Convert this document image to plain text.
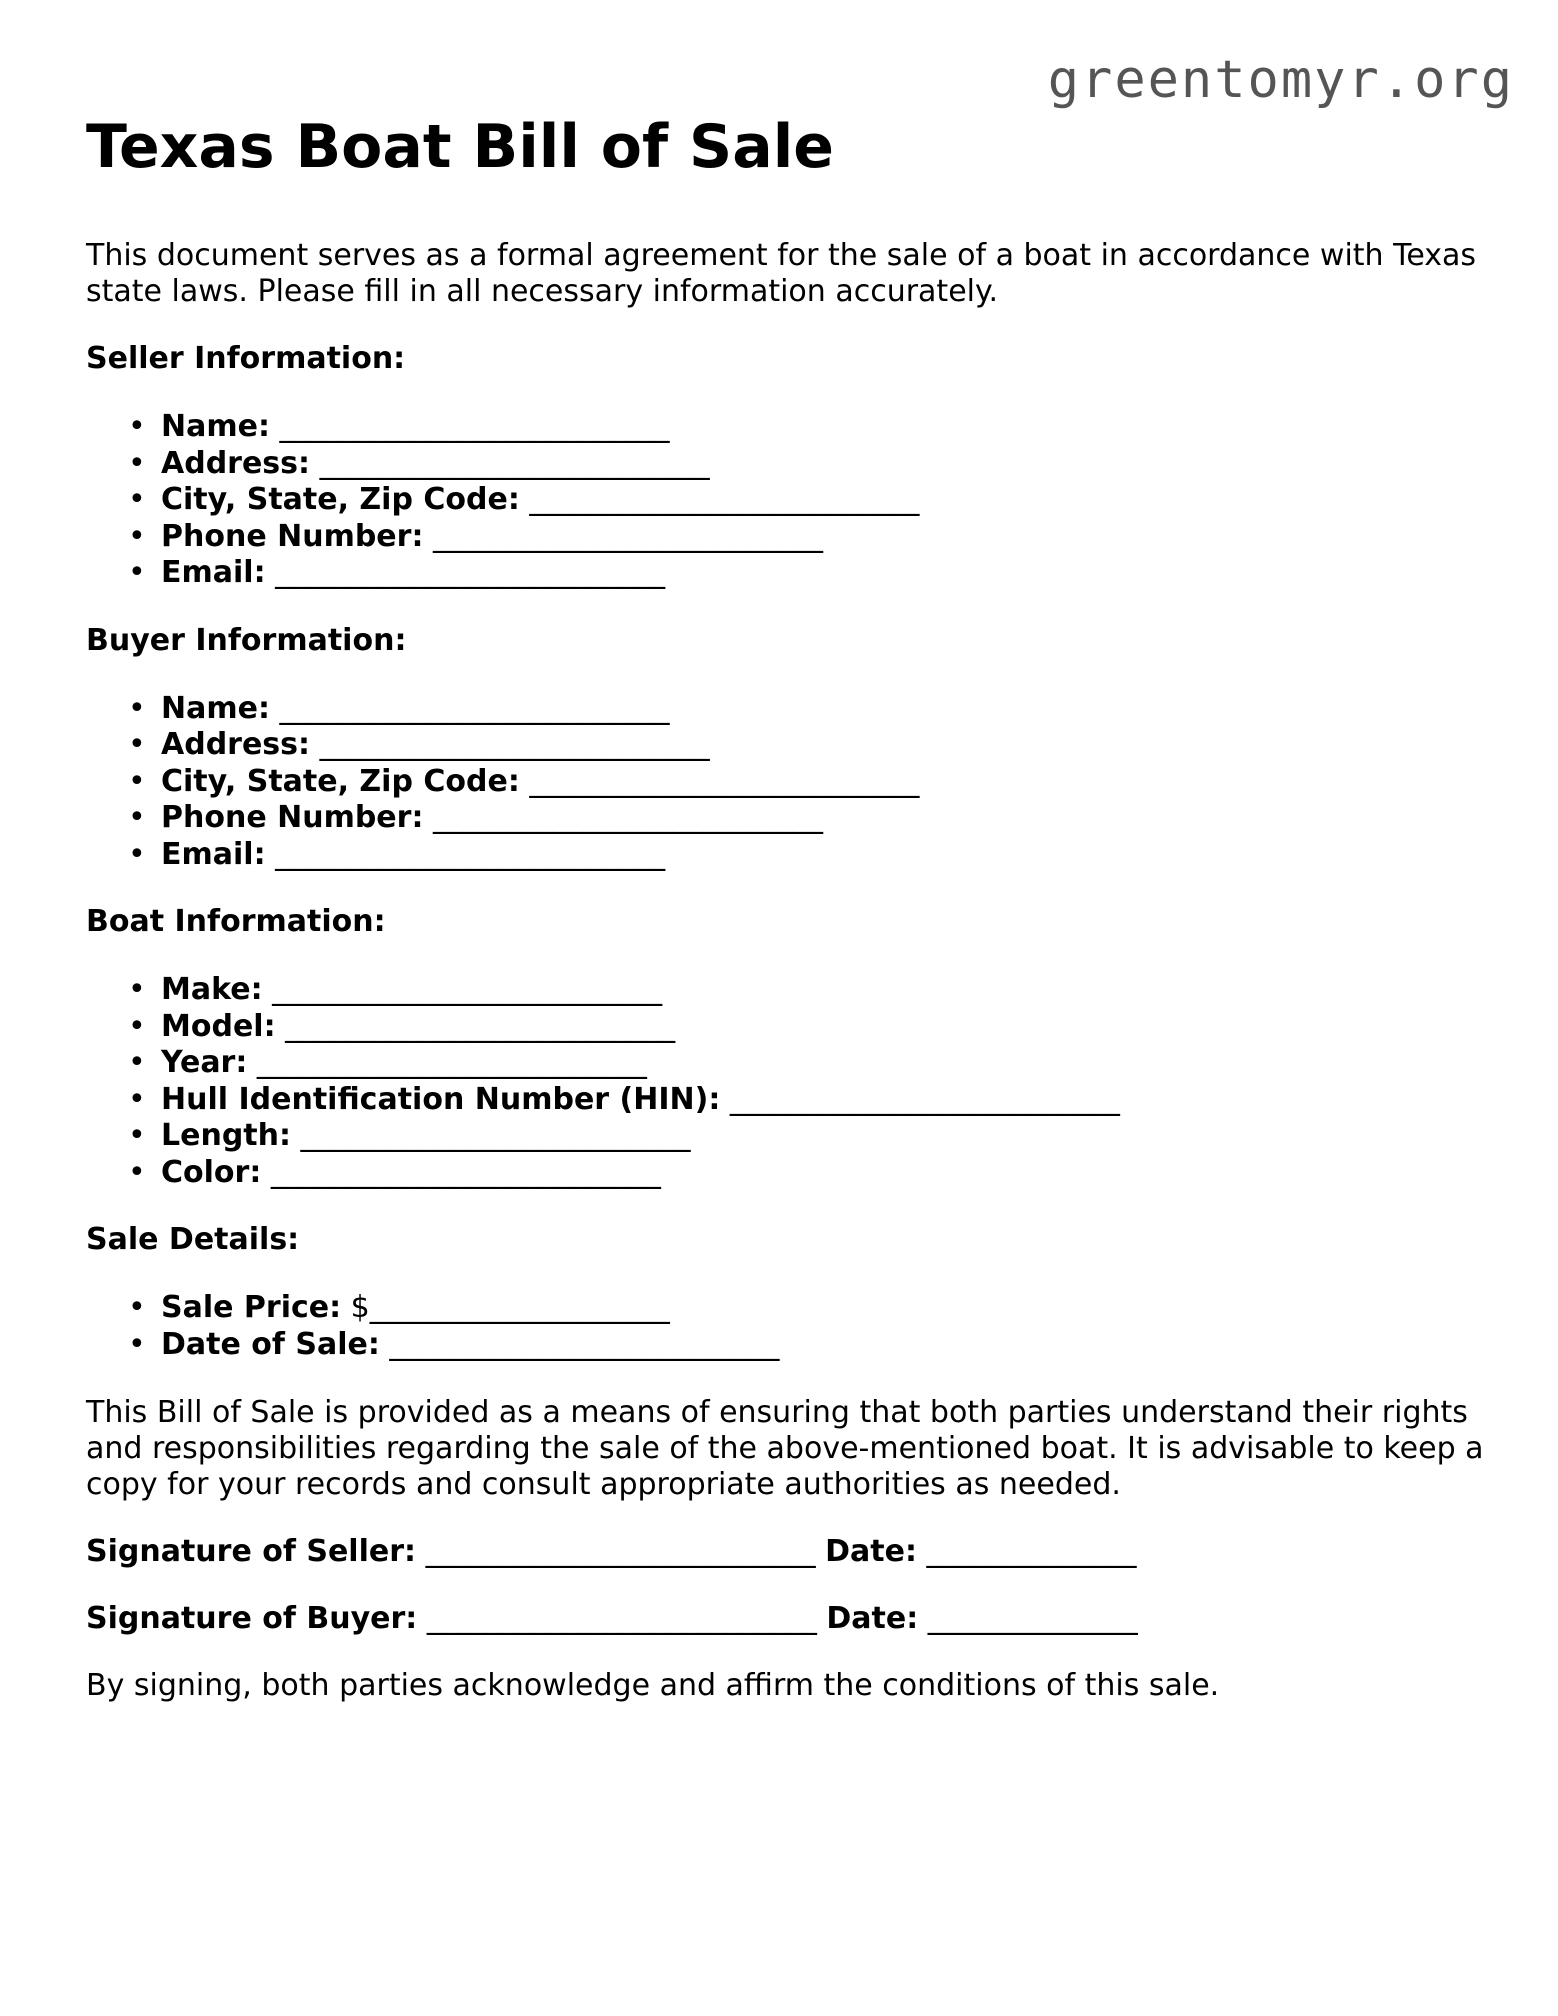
greentomyr.org
Texas Boat Bill of Sale

This document serves as a formal agreement for the sale of a boat in accordance with Texas state laws. Please fill in all necessary information accurately.

Seller Information:

• Name: __________________________
• Address: __________________________
• City, State, Zip Code: __________________________
• Phone Number: __________________________
• Email: __________________________

Buyer Information:

• Name: __________________________
• Address: __________________________
• City, State, Zip Code: __________________________
• Phone Number: __________________________
• Email: __________________________

Boat Information:

• Make: __________________________
• Model: __________________________
• Year: __________________________
• Hull Identification Number (HIN): __________________________
• Length: __________________________
• Color: __________________________

Sale Details:

• Sale Price: $____________________
• Date of Sale: __________________________

This Bill of Sale is provided as a means of ensuring that both parties understand their rights and responsibilities regarding the sale of the above-mentioned boat. It is advisable to keep a copy for your records and consult appropriate authorities as needed.

Signature of Seller: __________________________ Date: ______________

Signature of Buyer: __________________________ Date: ______________

By signing, both parties acknowledge and affirm the conditions of this sale.
